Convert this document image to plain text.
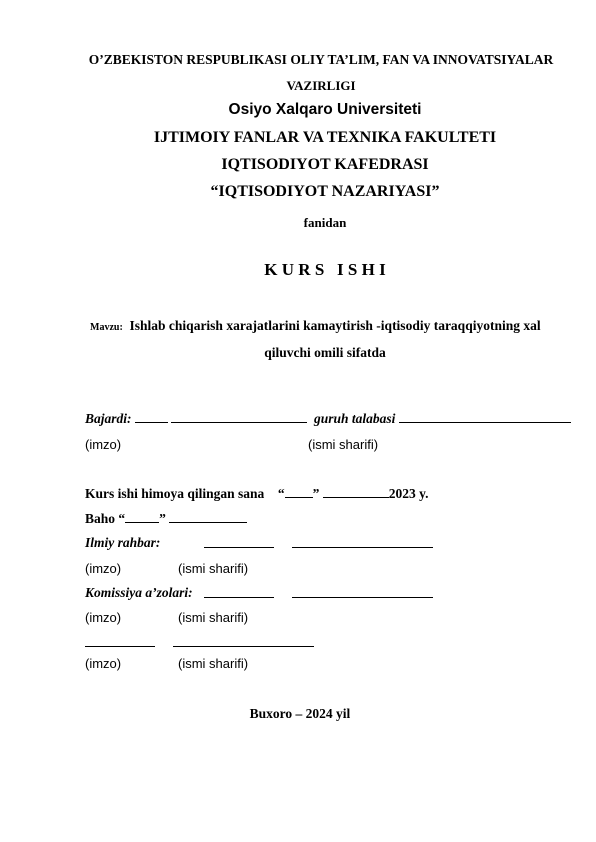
O’ZBEKISTON RESPUBLIKASI OLIY TA’LIM, FAN VA INNOVATSIYALAR
VAZIRLIGI
Osiyo Xalqaro Universiteti
IJTIMOIY FANLAR VA TEXNIKA FAKULTETI
IQTISODIYOT KAFEDRASI
“IQTISODIYOT NAZARIYASI”
fanidan
K U R S   I S H I
Mavzu: Ishlab chiqarish xarajatlarini kamaytirish -iqtisodiy taraqqiyotning xal
qiluvchi omili sifatda
Bajardi:	guruh talabasi
(imzo)	(ismi sharifi)
Kurs ishi himoya qilingan sana “ ”	2023 y.
Baho “	”
Ilmiy rahbar:
(imzo)	(ismi sharifi)
Komissiya a’zolari:
(imzo)	(ismi sharifi)
(imzo)	(ismi sharifi)
Buxoro – 2024 yil
